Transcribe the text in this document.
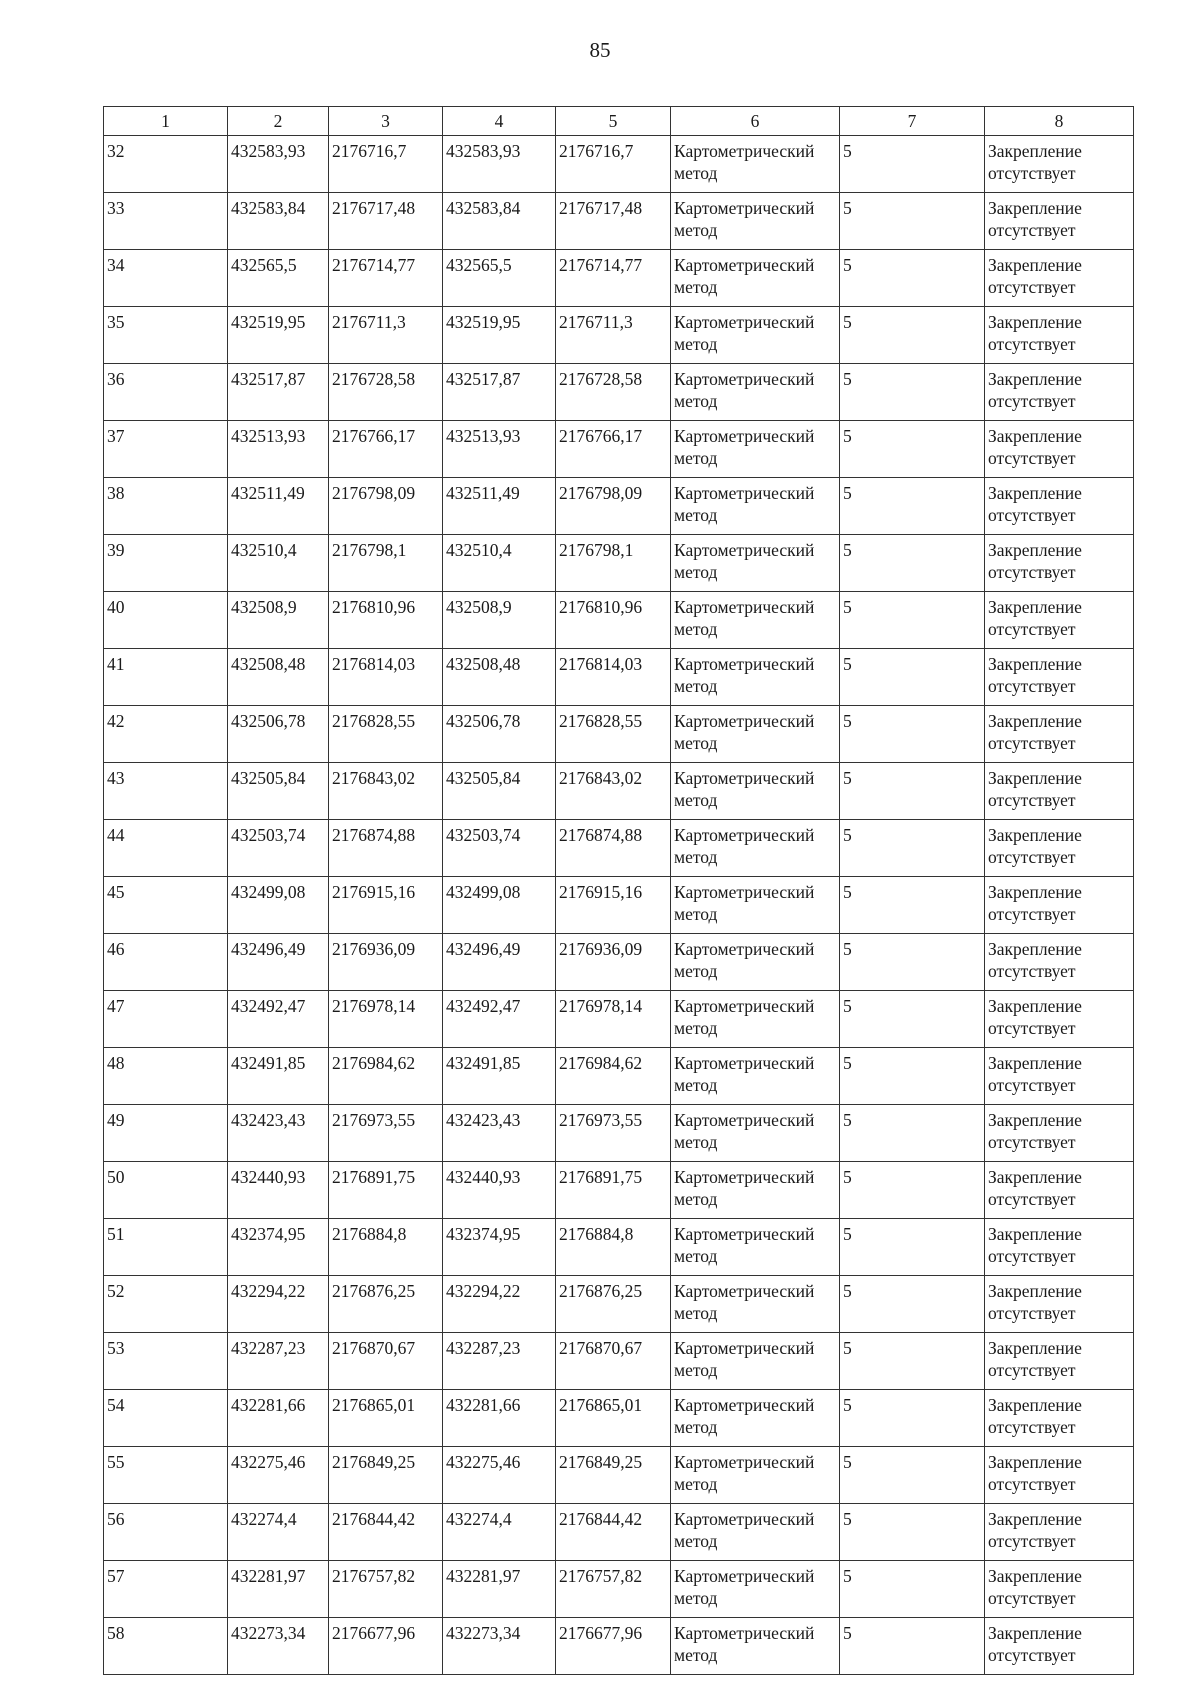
85
1	2	3	4	5	6	7	8
32	432583,93	2176716,7	432583,93	2176716,7	Картометрический метод	5	Закрепление отсутствует
33	432583,84	2176717,48	432583,84	2176717,48	Картометрический метод	5	Закрепление отсутствует
34	432565,5	2176714,77	432565,5	2176714,77	Картометрический метод	5	Закрепление отсутствует
35	432519,95	2176711,3	432519,95	2176711,3	Картометрический метод	5	Закрепление отсутствует
36	432517,87	2176728,58	432517,87	2176728,58	Картометрический метод	5	Закрепление отсутствует
37	432513,93	2176766,17	432513,93	2176766,17	Картометрический метод	5	Закрепление отсутствует
38	432511,49	2176798,09	432511,49	2176798,09	Картометрический метод	5	Закрепление отсутствует
39	432510,4	2176798,1	432510,4	2176798,1	Картометрический метод	5	Закрепление отсутствует
40	432508,9	2176810,96	432508,9	2176810,96	Картометрический метод	5	Закрепление отсутствует
41	432508,48	2176814,03	432508,48	2176814,03	Картометрический метод	5	Закрепление отсутствует
42	432506,78	2176828,55	432506,78	2176828,55	Картометрический метод	5	Закрепление отсутствует
43	432505,84	2176843,02	432505,84	2176843,02	Картометрический метод	5	Закрепление отсутствует
44	432503,74	2176874,88	432503,74	2176874,88	Картометрический метод	5	Закрепление отсутствует
45	432499,08	2176915,16	432499,08	2176915,16	Картометрический метод	5	Закрепление отсутствует
46	432496,49	2176936,09	432496,49	2176936,09	Картометрический метод	5	Закрепление отсутствует
47	432492,47	2176978,14	432492,47	2176978,14	Картометрический метод	5	Закрепление отсутствует
48	432491,85	2176984,62	432491,85	2176984,62	Картометрический метод	5	Закрепление отсутствует
49	432423,43	2176973,55	432423,43	2176973,55	Картометрический метод	5	Закрепление отсутствует
50	432440,93	2176891,75	432440,93	2176891,75	Картометрический метод	5	Закрепление отсутствует
51	432374,95	2176884,8	432374,95	2176884,8	Картометрический метод	5	Закрепление отсутствует
52	432294,22	2176876,25	432294,22	2176876,25	Картометрический метод	5	Закрепление отсутствует
53	432287,23	2176870,67	432287,23	2176870,67	Картометрический метод	5	Закрепление отсутствует
54	432281,66	2176865,01	432281,66	2176865,01	Картометрический метод	5	Закрепление отсутствует
55	432275,46	2176849,25	432275,46	2176849,25	Картометрический метод	5	Закрепление отсутствует
56	432274,4	2176844,42	432274,4	2176844,42	Картометрический метод	5	Закрепление отсутствует
57	432281,97	2176757,82	432281,97	2176757,82	Картометрический метод	5	Закрепление отсутствует
58	432273,34	2176677,96	432273,34	2176677,96	Картометрический метод	5	Закрепление отсутствует
